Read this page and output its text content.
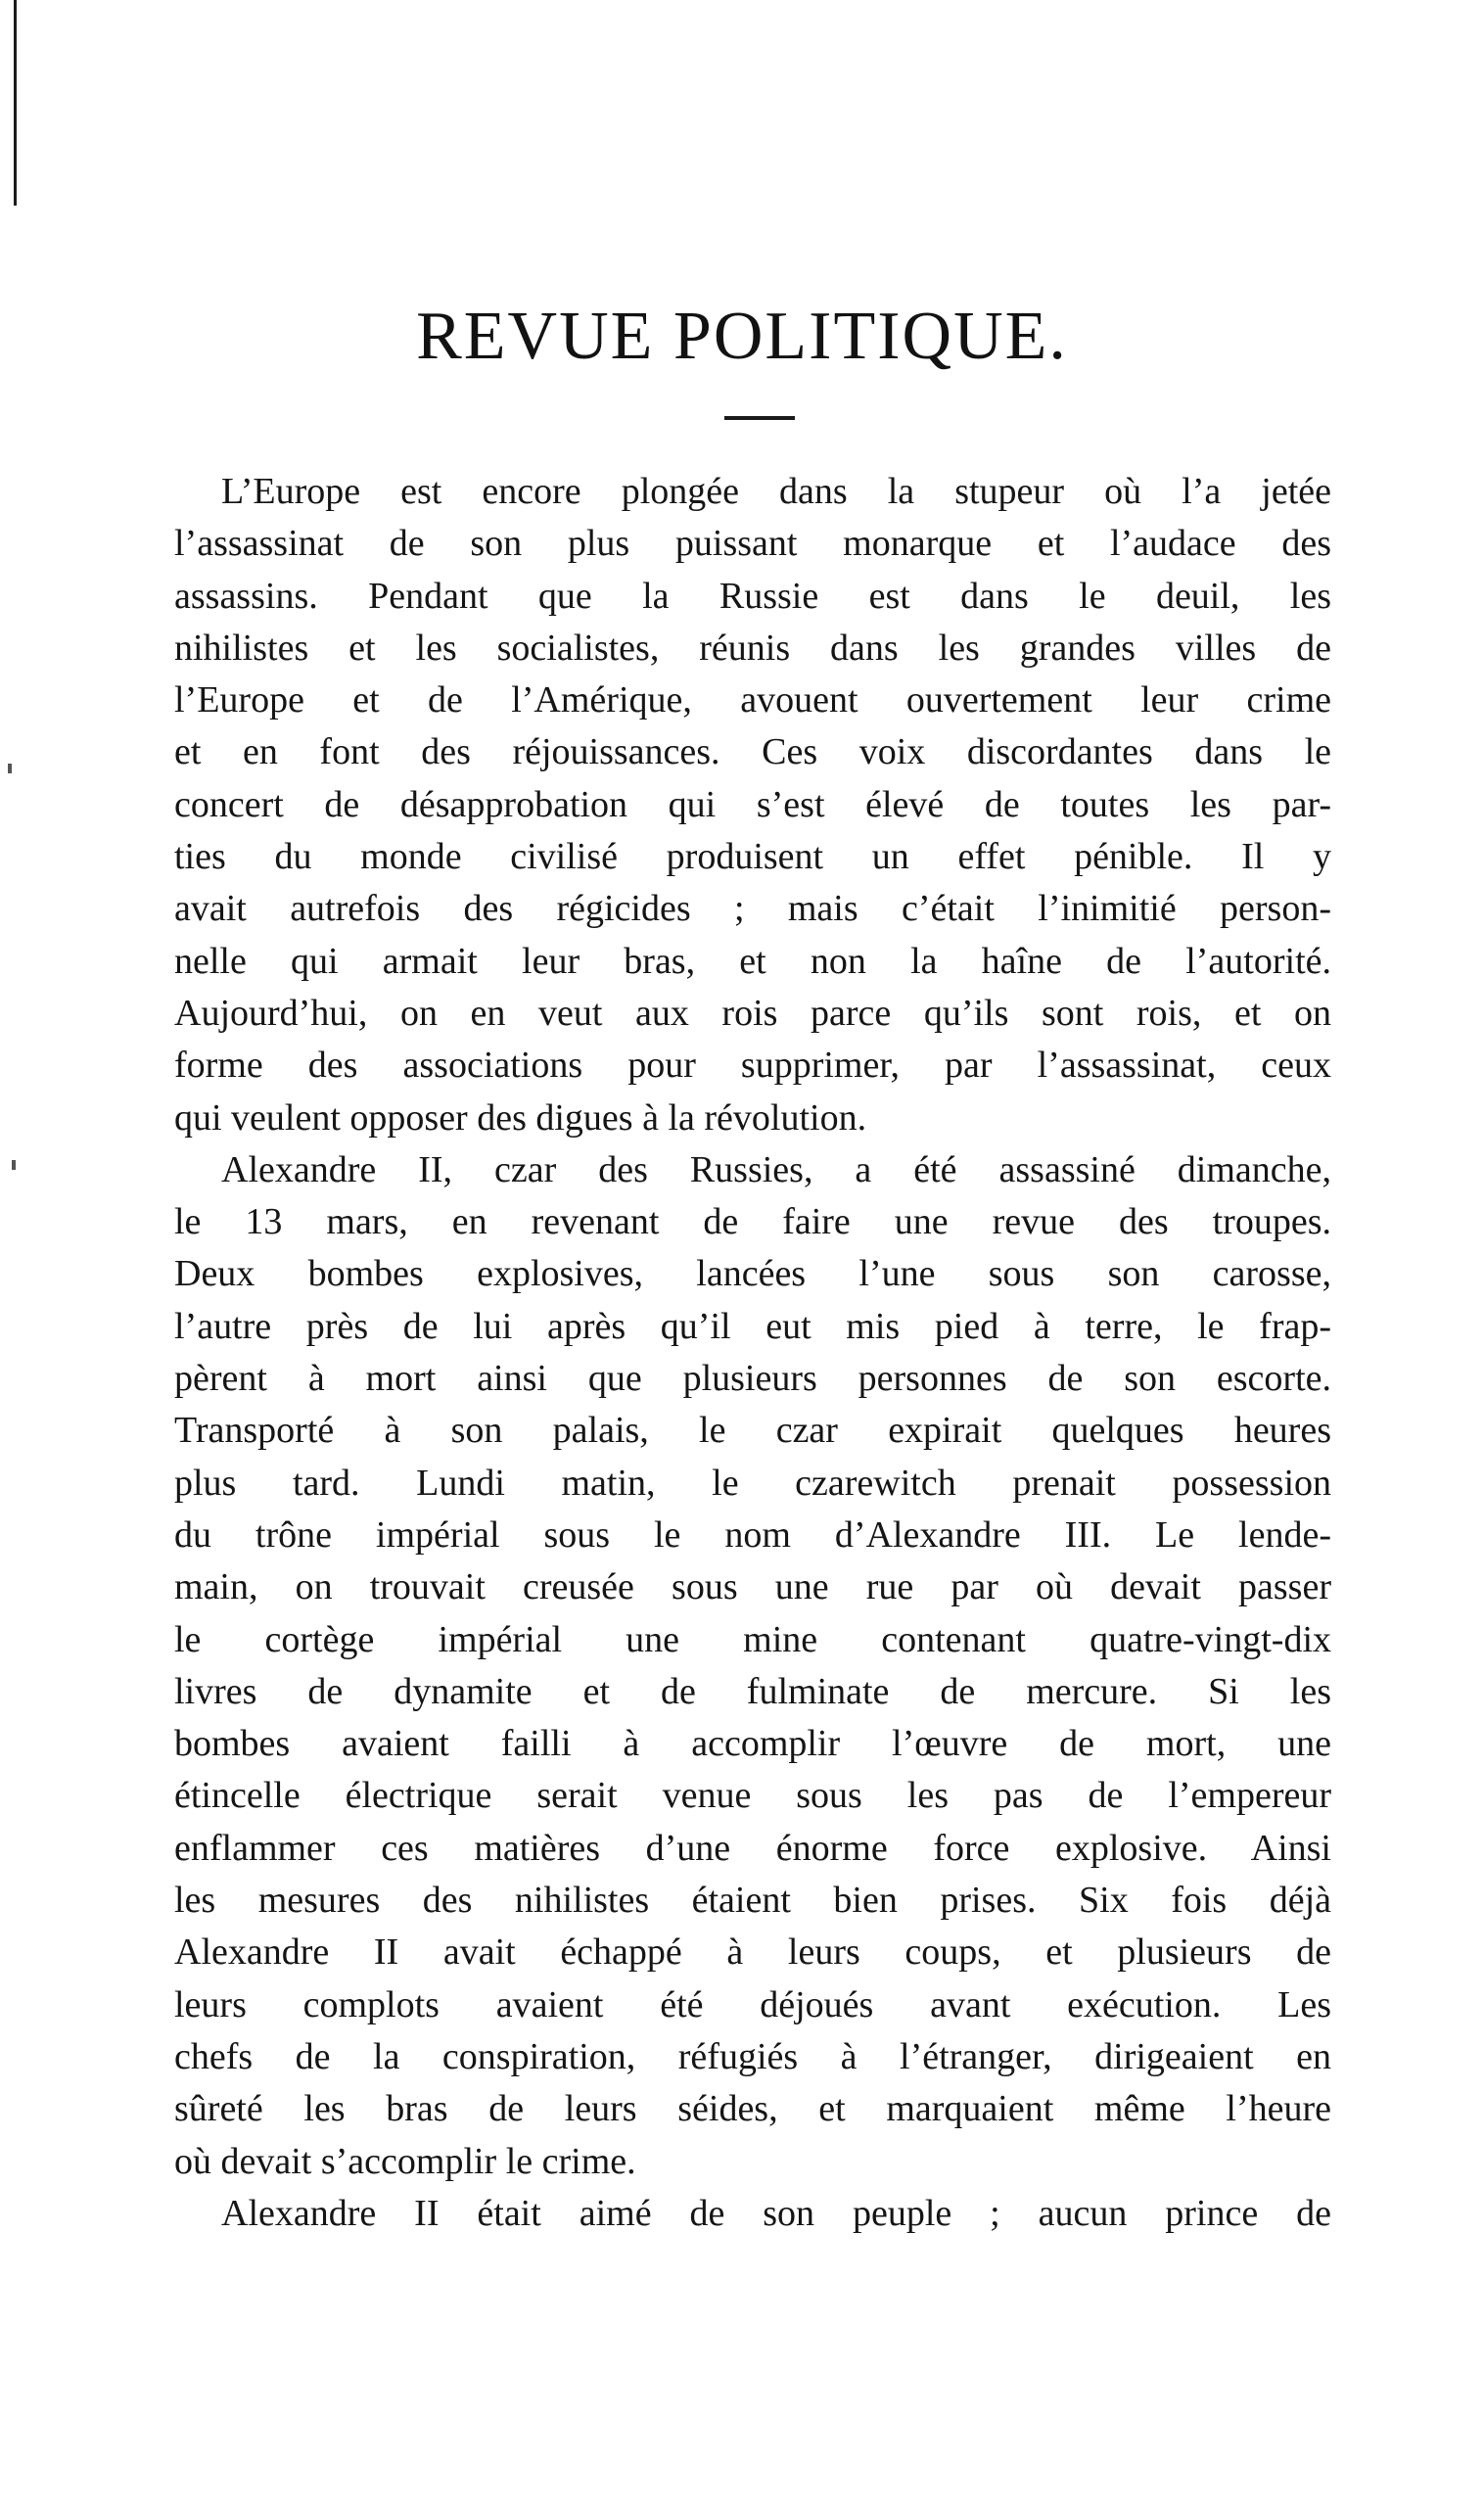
REVUE POLITIQUE.
L’Europe est encore plongée dans la stupeur où l’a jetée
l’assassinat de son plus puissant monarque et l’audace des
assassins. Pendant que la Russie est dans le deuil, les
nihilistes et les socialistes, réunis dans les grandes villes de
l’Europe et de l’Amérique, avouent ouvertement leur crime
et en font des réjouissances. Ces voix discordantes dans le
concert de désapprobation qui s’est élevé de toutes les par-
ties du monde civilisé produisent un effet pénible. Il y
avait autrefois des régicides ; mais c’était l’inimitié person-
nelle qui armait leur bras, et non la haîne de l’autorité.
Aujourd’hui, on en veut aux rois parce qu’ils sont rois, et on
forme des associations pour supprimer, par l’assassinat, ceux
qui veulent opposer des digues à la révolution.
Alexandre II, czar des Russies, a été assassiné dimanche,
le 13 mars, en revenant de faire une revue des troupes.
Deux bombes explosives, lancées l’une sous son carosse,
l’autre près de lui après qu’il eut mis pied à terre, le frap-
pèrent à mort ainsi que plusieurs personnes de son escorte.
Transporté à son palais, le czar expirait quelques heures
plus tard. Lundi matin, le czarewitch prenait possession
du trône impérial sous le nom d’Alexandre III. Le lende-
main, on trouvait creusée sous une rue par où devait passer
le cortège impérial une mine contenant quatre-vingt-dix
livres de dynamite et de fulminate de mercure. Si les
bombes avaient failli à accomplir l’œuvre de mort, une
étincelle électrique serait venue sous les pas de l’empereur
enflammer ces matières d’une énorme force explosive. Ainsi
les mesures des nihilistes étaient bien prises. Six fois déjà
Alexandre II avait échappé à leurs coups, et plusieurs de
leurs complots avaient été déjoués avant exécution. Les
chefs de la conspiration, réfugiés à l’étranger, dirigeaient en
sûreté les bras de leurs séides, et marquaient même l’heure
où devait s’accomplir le crime.
Alexandre II était aimé de son peuple ; aucun prince de
